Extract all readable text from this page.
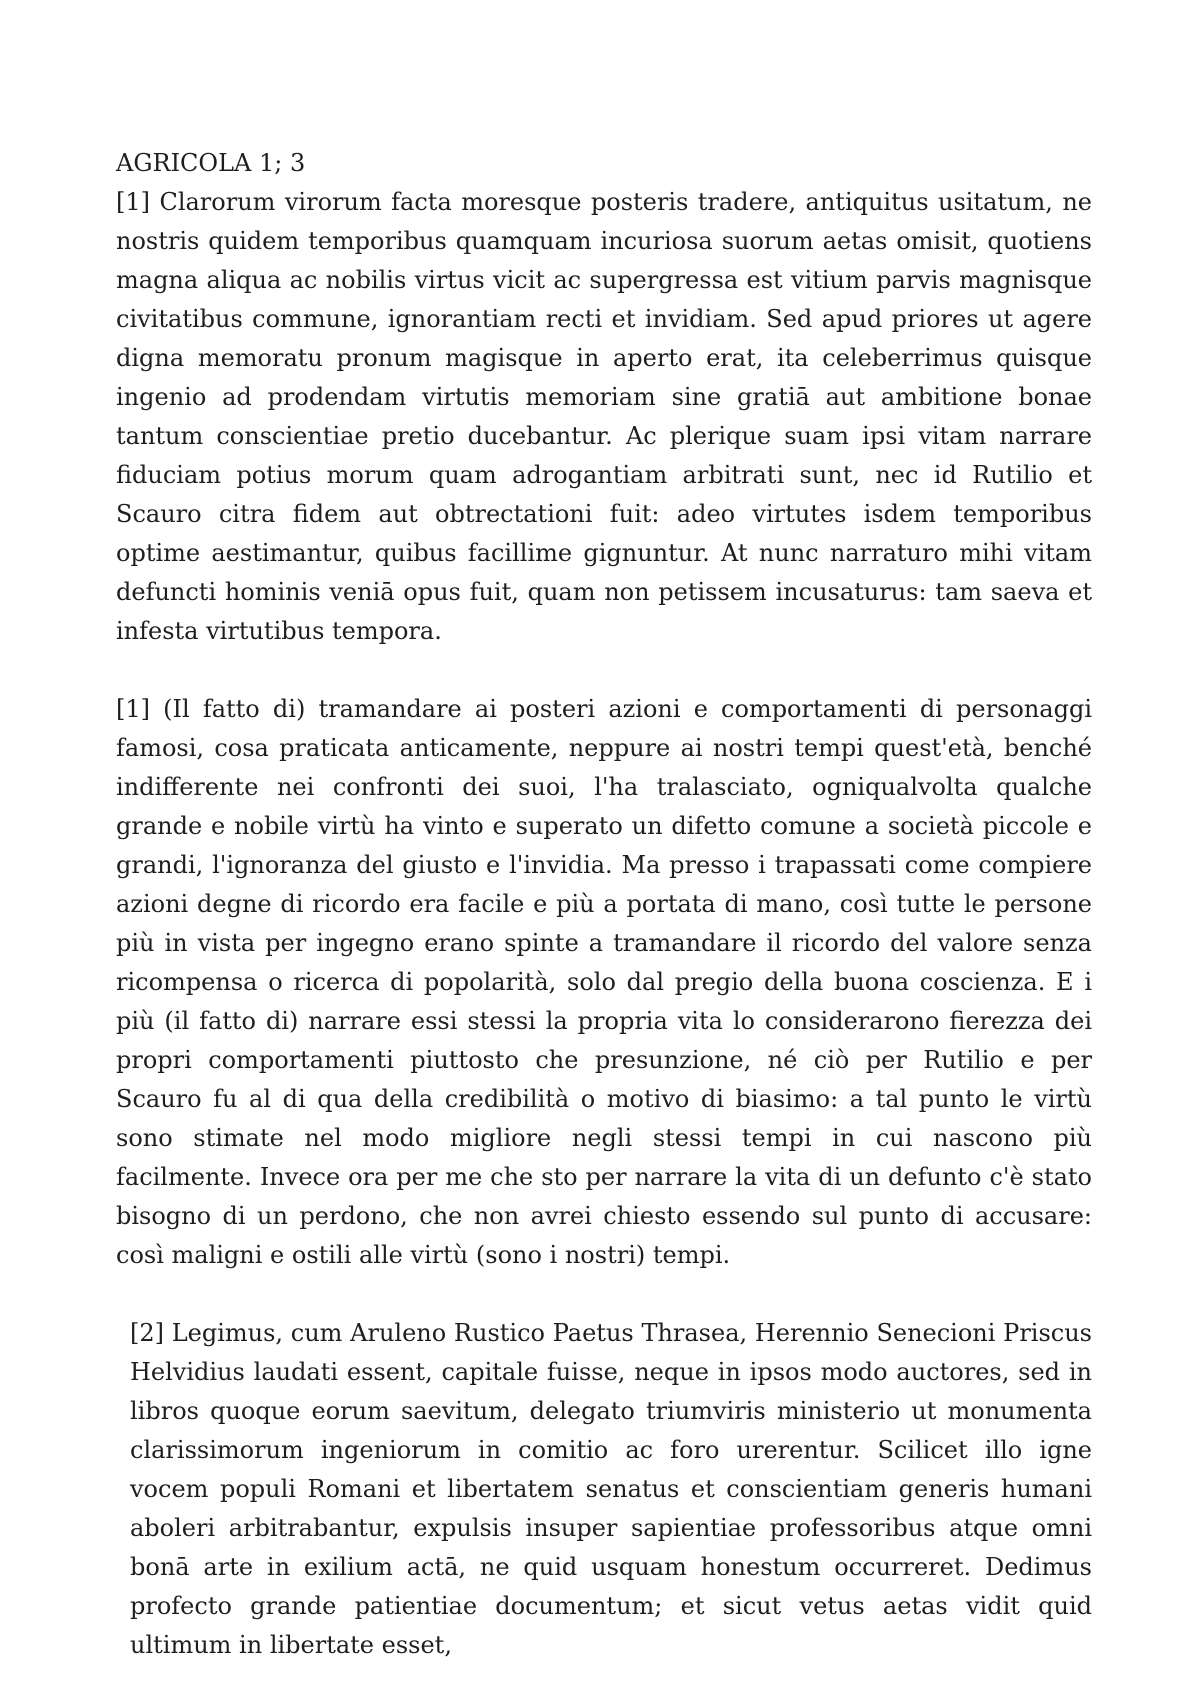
AGRICOLA 1; 3

[1] Clarorum virorum facta moresque posteris tradere, antiquitus usitatum, ne nostris quidem temporibus quamquam incuriosa suorum aetas omisit, quotiens magna aliqua ac nobilis virtus vicit ac supergressa est vitium parvis magnisque civitatibus commune, ignorantiam recti et invidiam. Sed apud priores ut agere digna memoratu pronum magisque in aperto erat, ita celeberrimus quisque ingenio ad prodendam virtutis memoriam sine gratiā aut ambitione bonae tantum conscientiae pretio ducebantur. Ac plerique suam ipsi vitam narrare fiduciam potius morum quam adrogantiam arbitrati sunt, nec id Rutilio et Scauro citra fidem aut obtrectationi fuit: adeo virtutes isdem temporibus optime aestimantur, quibus facillime gignuntur. At nunc narraturo mihi vitam defuncti hominis veniā opus fuit, quam non petissem incusaturus: tam saeva et infesta virtutibus tempora.

[1] (Il fatto di) tramandare ai posteri azioni e comportamenti di personaggi famosi, cosa praticata anticamente, neppure ai nostri tempi quest'età, benché indifferente nei confronti dei suoi, l'ha tralasciato, ogniqualvolta qualche grande e nobile virtù ha vinto e superato un difetto comune a società piccole e grandi, l'ignoranza del giusto e l'invidia. Ma presso i trapassati come compiere azioni degne di ricordo era facile e più a portata di mano, così tutte le persone più in vista per ingegno erano spinte a tramandare il ricordo del valore senza ricompensa o ricerca di popolarità, solo dal pregio della buona coscienza. E i più (il fatto di) narrare essi stessi la propria vita lo considerarono fierezza dei propri comportamenti piuttosto che presunzione, né ciò per Rutilio e per Scauro fu al di qua della credibilità o motivo di biasimo: a tal punto le virtù sono stimate nel modo migliore negli stessi tempi in cui nascono più facilmente. Invece ora per me che sto per narrare la vita di un defunto c'è stato bisogno di un perdono, che non avrei chiesto essendo sul punto di accusare: così maligni e ostili alle virtù (sono i nostri) tempi.

[2] Legimus, cum Aruleno Rustico Paetus Thrasea, Herennio Senecioni Priscus Helvidius laudati essent, capitale fuisse, neque in ipsos modo auctores, sed in libros quoque eorum saevitum, delegato triumviris ministerio ut monumenta clarissimorum ingeniorum in comitio ac foro urerentur. Scilicet illo igne vocem populi Romani et libertatem senatus et conscientiam generis humani aboleri arbitrabantur, expulsis insuper sapientiae professoribus atque omni bonā arte in exilium actā, ne quid usquam honestum occurreret. Dedimus profecto grande patientiae documentum; et sicut vetus aetas vidit quid ultimum in libertate esset,
